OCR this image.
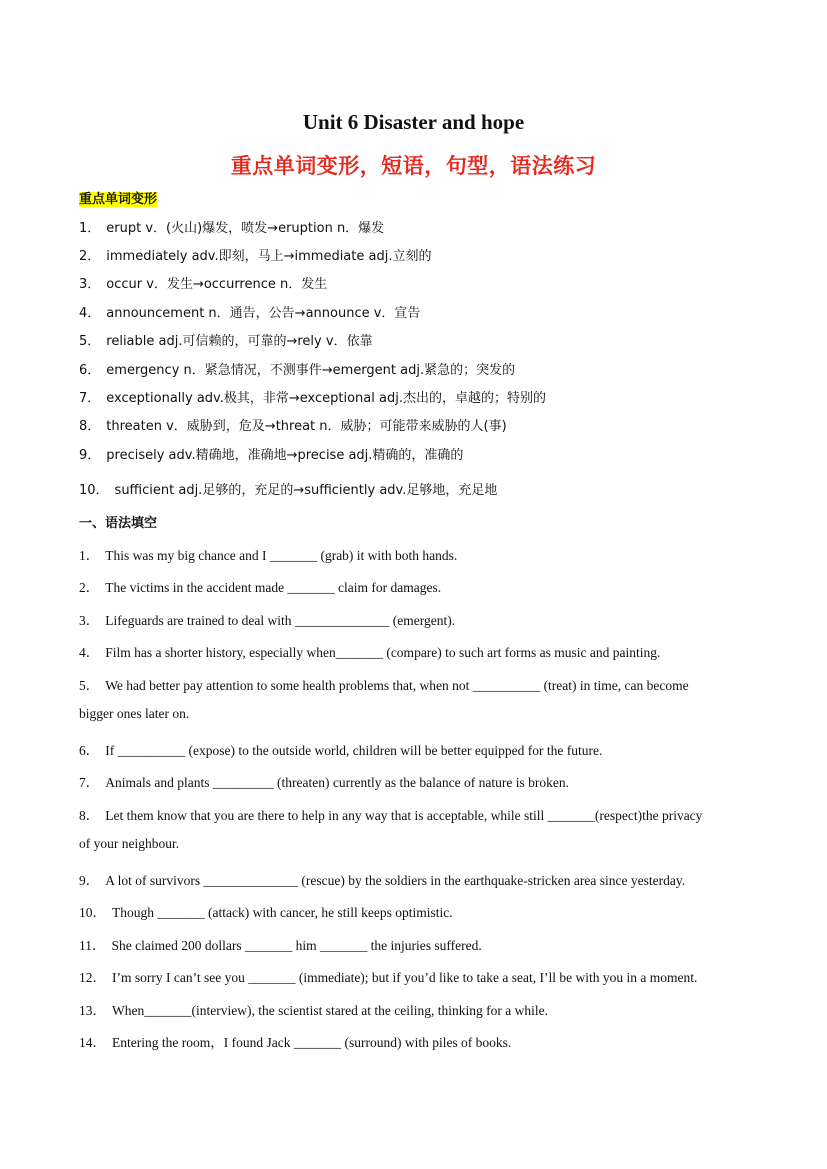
Unit 6 Disaster and hope
重点单词变形，短语，句型，语法练习
重点单词变形
1． erupt v．(火山)爆发，喷发→eruption n．爆发
2． immediately adv.即刻，马上→immediate adj.立刻的
3． occur v．发生→occurrence n．发生
4． announcement n．通告，公告→announce v．宣告
5． reliable adj.可信赖的，可靠的→rely v．依靠
6． emergency n．紧急情况，不测事件→emergent adj.紧急的；突发的
7． exceptionally adv.极其，非常→exceptional adj.杰出的，卓越的；特别的
8． threaten v．威胁到，危及→threat n．威胁；可能带来威胁的人(事)
9． precisely adv.精确地，准确地→precise adj.精确的，准确的
10． sufficient adj.足够的，充足的→sufficiently adv.足够地，充足地
一、语法填空
1． This was my big chance and I _______ (grab) it with both hands.
2． The victims in the accident made _______ claim for damages.
3． Lifeguards are trained to deal with ______________ (emergent).
4． Film has a shorter history, especially when_______ (compare) to such art forms as music and painting.
5． We had better pay attention to some health problems that, when not __________ (treat) in time, can become
bigger ones later on.
6． If __________ (expose) to the outside world, children will be better equipped for the future.
7． Animals and plants _________ (threaten) currently as the balance of nature is broken.
8． Let them know that you are there to help in any way that is acceptable, while still _______(respect)the privacy
of your neighbour.
9． A lot of survivors ______________ (rescue) by the soldiers in the earthquake-stricken area since yesterday.
10． Though _______ (attack) with cancer, he still keeps optimistic.
11． She claimed 200 dollars _______ him _______ the injuries suffered.
12． I’m sorry I can’t see you _______ (immediate); but if you’d like to take a seat, I’ll be with you in a moment.
13． When_______(interview), the scientist stared at the ceiling, thinking for a while.
14． Entering the room，I found Jack _______ (surround) with piles of books.
